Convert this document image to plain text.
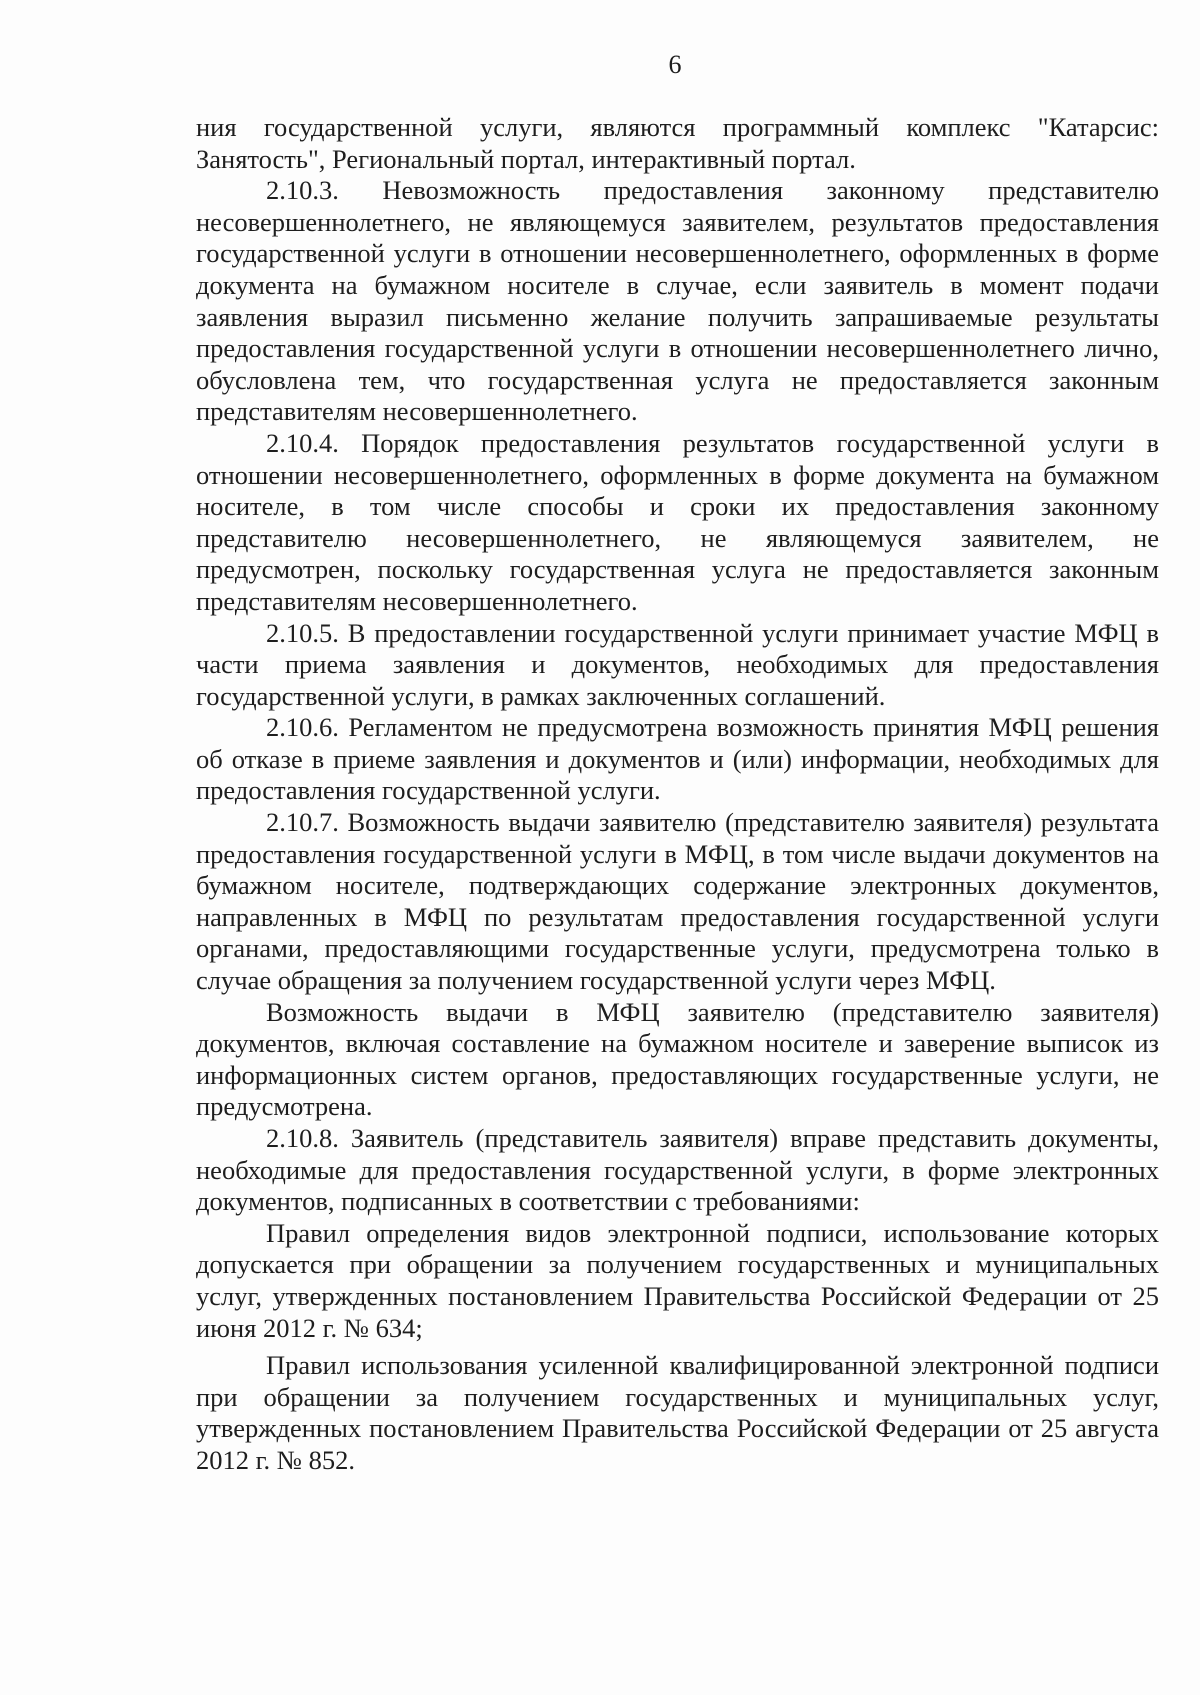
6

ния государственной услуги, являются программный комплекс "Катарсис: Занятость", Региональный портал, интерактивный портал.

2.10.3. Невозможность предоставления законному представителю несовершеннолетнего, не являющемуся заявителем, результатов предоставления государственной услуги в отношении несовершеннолетнего, оформленных в форме документа на бумажном носителе в случае, если заявитель в момент подачи заявления выразил письменно желание получить запрашиваемые результаты предоставления государственной услуги в отношении несовершеннолетнего лично, обусловлена тем, что государственная услуга не предоставляется законным представителям несовершеннолетнего.

2.10.4. Порядок предоставления результатов государственной услуги в отношении несовершеннолетнего, оформленных в форме документа на бумажном носителе, в том числе способы и сроки их предоставления законному представителю несовершеннолетнего, не являющемуся заявителем, не предусмотрен, поскольку государственная услуга не предоставляется законным представителям несовершеннолетнего.

2.10.5. В предоставлении государственной услуги принимает участие МФЦ в части приема заявления и документов, необходимых для предоставления государственной услуги, в рамках заключенных соглашений.

2.10.6. Регламентом не предусмотрена возможность принятия МФЦ решения об отказе в приеме заявления и документов и (или) информации, необходимых для предоставления государственной услуги.

2.10.7. Возможность выдачи заявителю (представителю заявителя) результата предоставления государственной услуги в МФЦ, в том числе выдачи документов на бумажном носителе, подтверждающих содержание электронных документов, направленных в МФЦ по результатам предоставления государственной услуги органами, предоставляющими государственные услуги, предусмотрена только в случае обращения за получением государственной услуги через МФЦ.

Возможность выдачи в МФЦ заявителю (представителю заявителя) документов, включая составление на бумажном носителе и заверение выписок из информационных систем органов, предоставляющих государственные услуги, не предусмотрена.

2.10.8. Заявитель (представитель заявителя) вправе представить документы, необходимые для предоставления государственной услуги, в форме электронных документов, подписанных в соответствии с требованиями:

Правил определения видов электронной подписи, использование которых допускается при обращении за получением государственных и муниципальных услуг, утвержденных постановлением Правительства Российской Федерации от 25 июня 2012 г. № 634;

Правил использования усиленной квалифицированной электронной подписи при обращении за получением государственных и муниципальных услуг, утвержденных постановлением Правительства Российской Федерации от 25 августа 2012 г. № 852.
